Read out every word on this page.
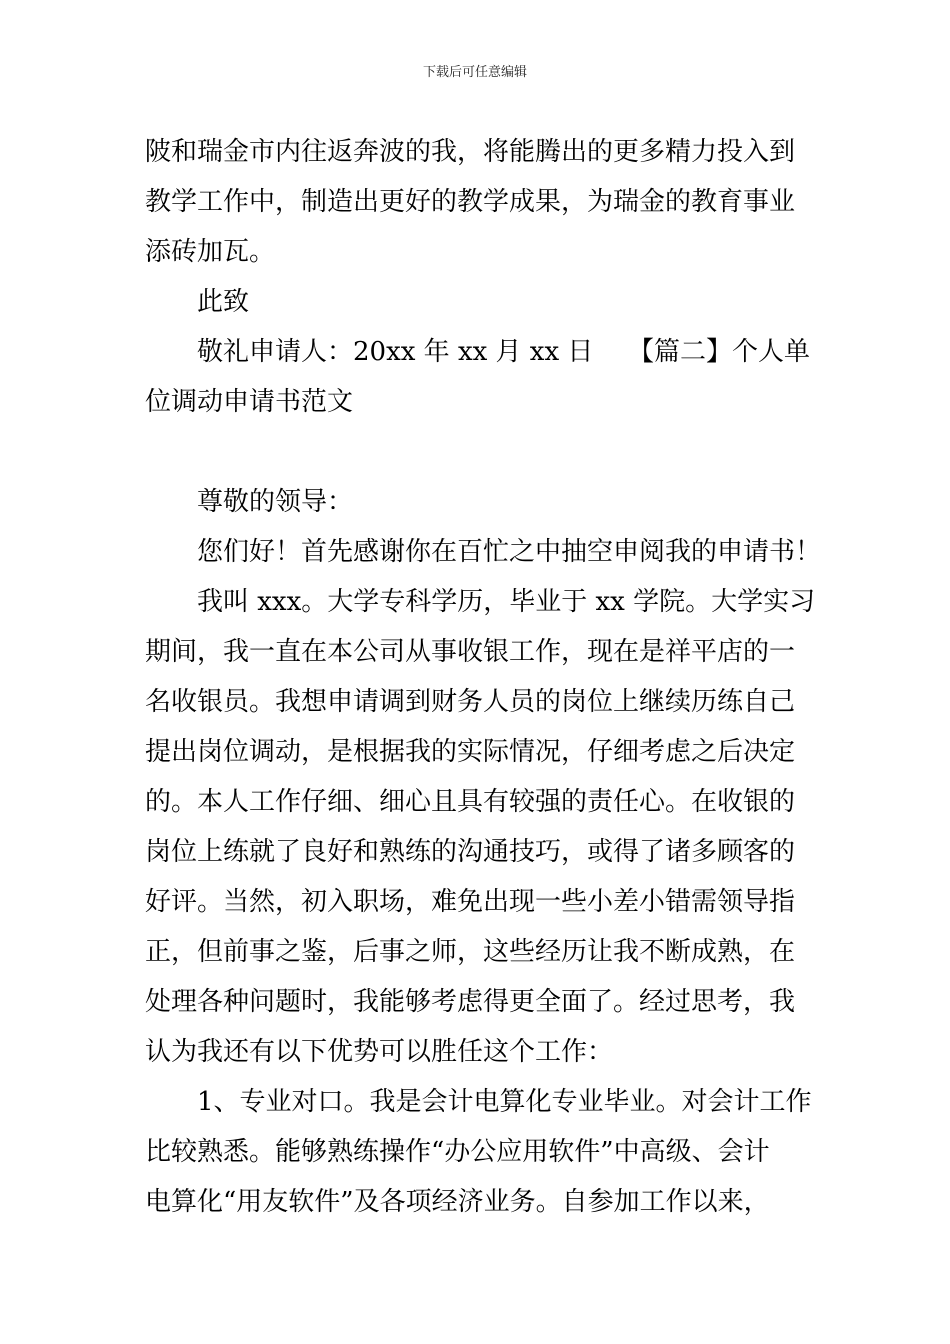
下载后可任意编辑
陂和瑞金市内往返奔波的我，将能腾出的更多精力投入到
教学工作中，制造出更好的教学成果，为瑞金的教育事业
添砖加瓦。
此致
敬礼申请人：20xx 年 xx 月 xx 日 【篇二】个人单
位调动申请书范文
尊敬的领导：
您们好！首先感谢你在百忙之中抽空申阅我的申请书！
我叫 xxx。大学专科学历，毕业于 xx 学院。大学实习
期间，我一直在本公司从事收银工作，现在是祥平店的一
名收银员。我想申请调到财务人员的岗位上继续历练自己
提出岗位调动，是根据我的实际情况，仔细考虑之后决定
的。本人工作仔细、细心且具有较强的责任心。在收银的
岗位上练就了良好和熟练的沟通技巧，或得了诸多顾客的
好评。当然，初入职场，难免出现一些小差小错需领导指
正，但前事之鉴，后事之师，这些经历让我不断成熟，在
处理各种问题时，我能够考虑得更全面了。经过思考，我
认为我还有以下优势可以胜任这个工作：
1、专业对口。我是会计电算化专业毕业。对会计工作
比较熟悉。能够熟练操作“办公应用软件”中高级、会计
电算化“用友软件”及各项经济业务。自参加工作以来，
